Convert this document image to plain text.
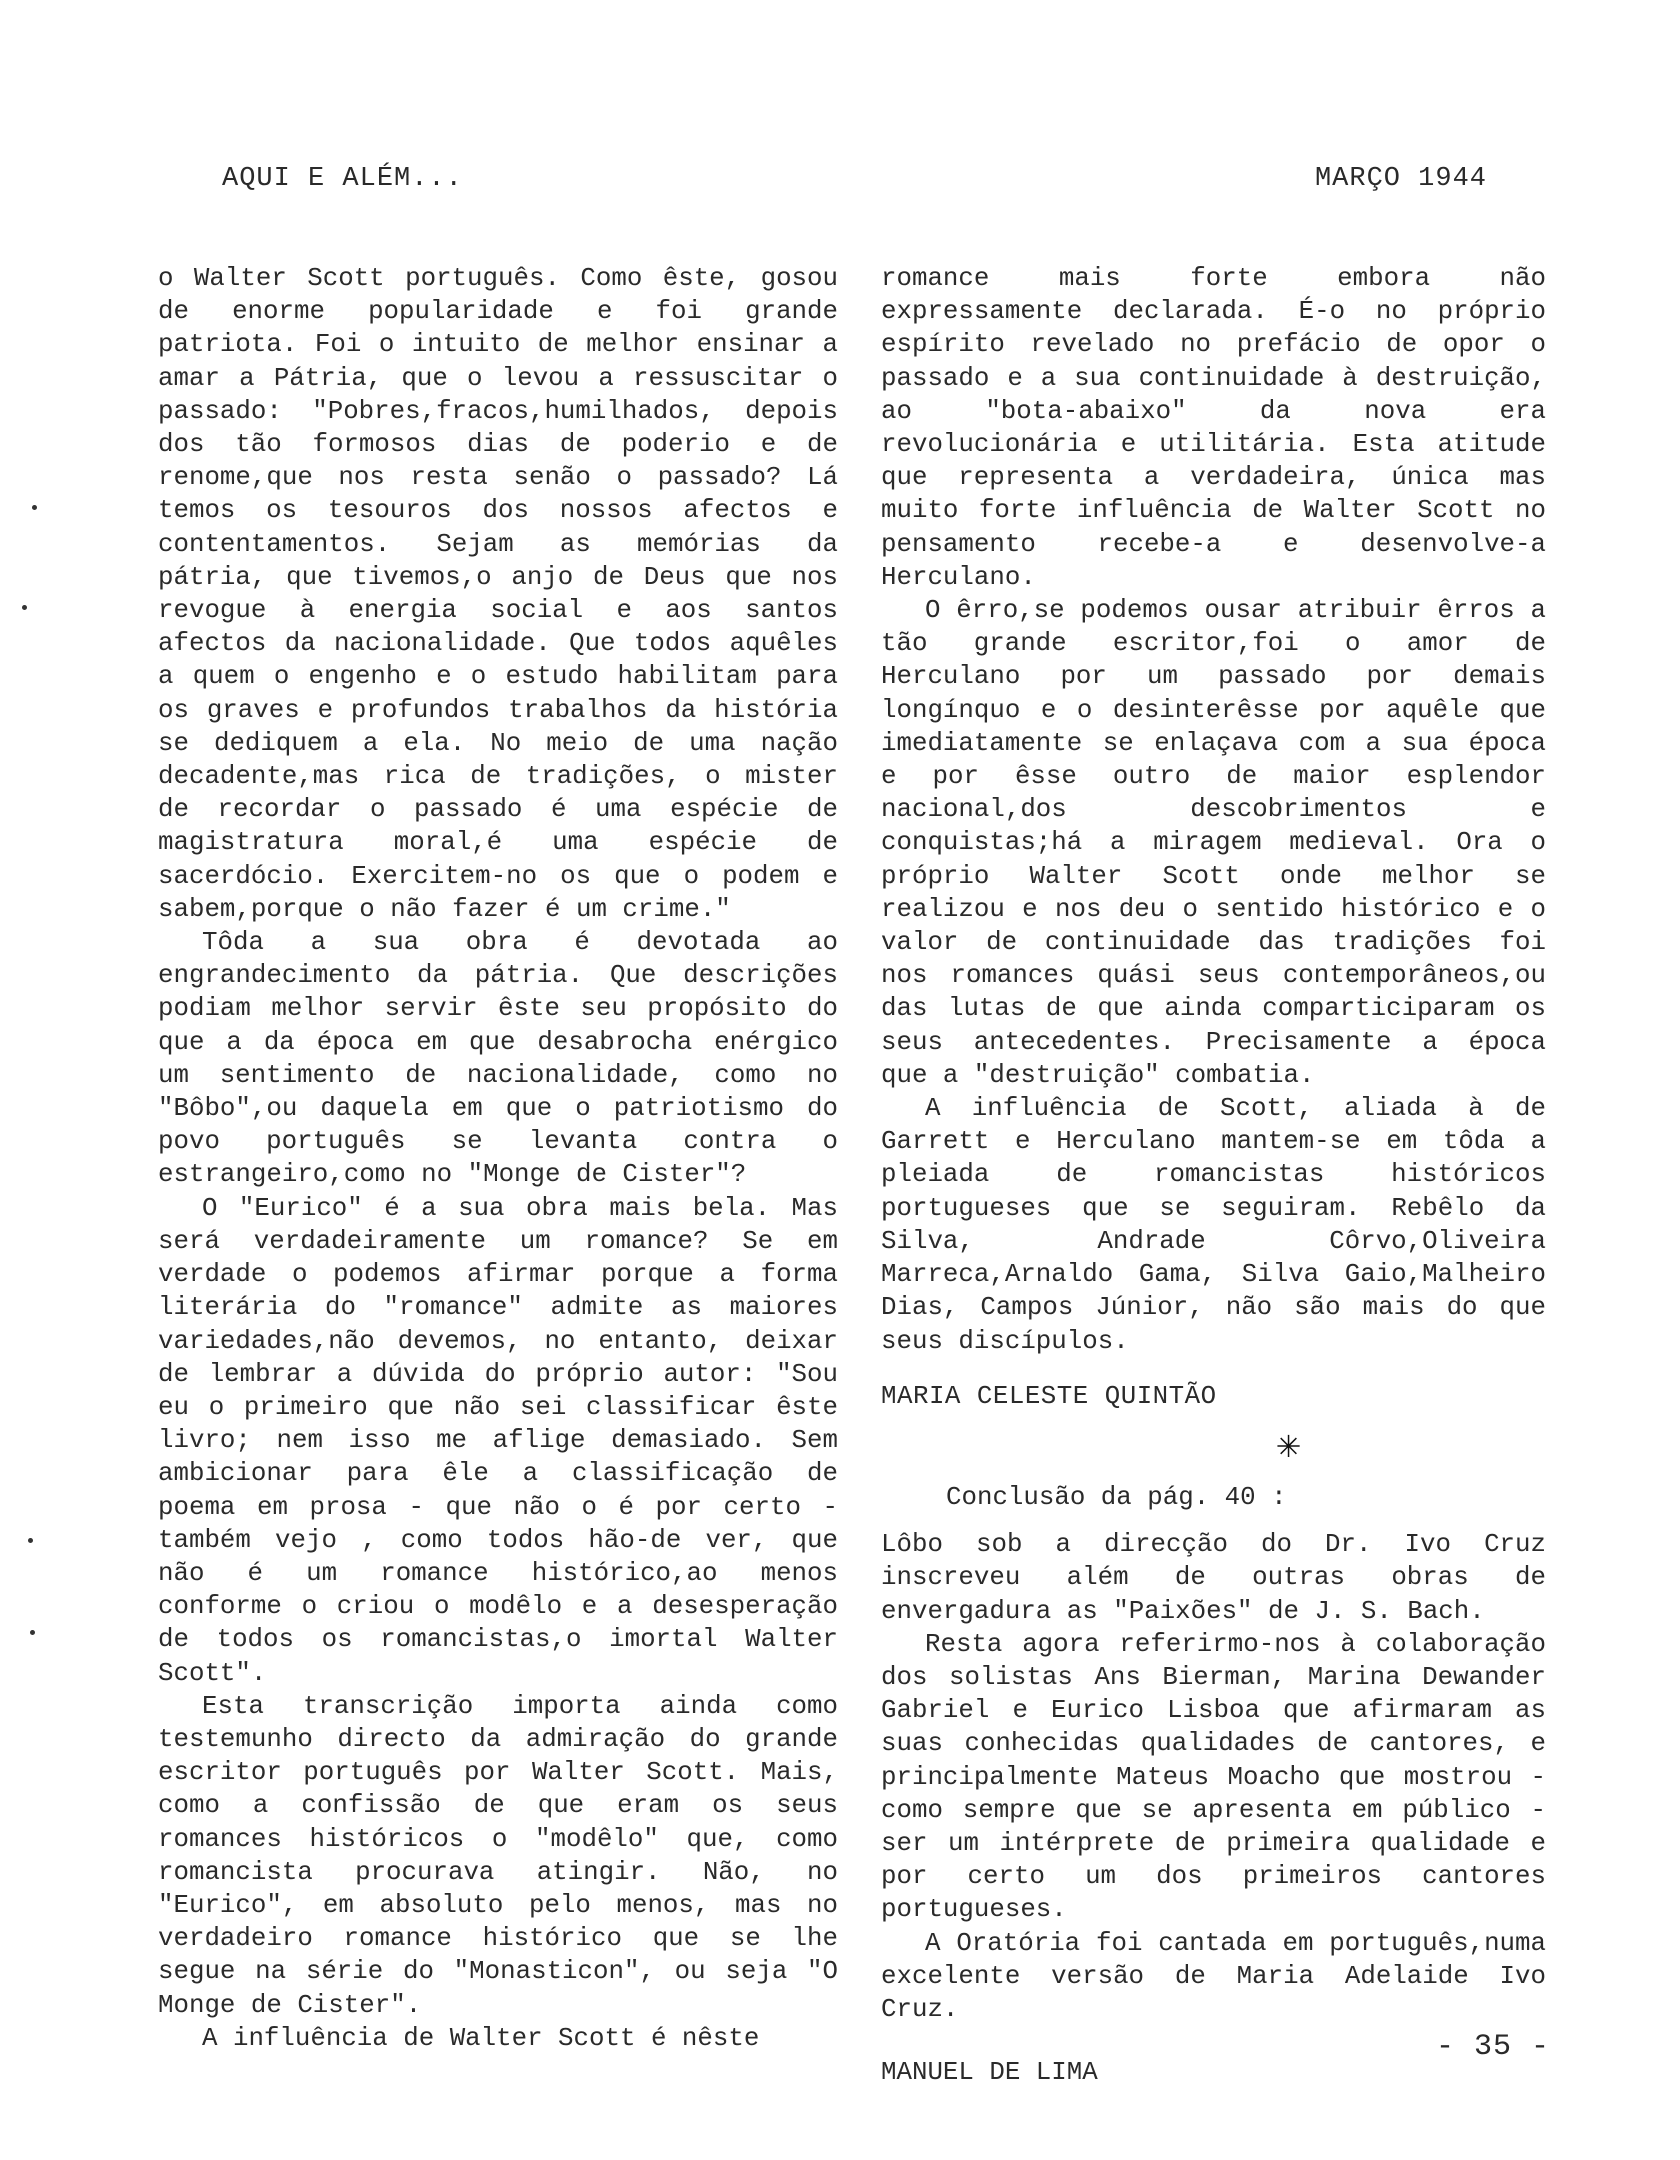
AQUI E ALÉM...	MARÇO 1944

o Walter Scott português. Como êste, gosou de enorme popularidade e foi grande patriota. Foi o intuito de melhor ensinar a amar a Pátria, que o levou a ressuscitar o passado: "Pobres,fracos,humilhados, depois dos tão formosos dias de poderio e de renome,que nos resta senão o passado? Lá temos os tesouros dos nossos afectos e contentamentos. Sejam as memórias da pátria, que tivemos,o anjo de Deus que nos revogue à energia social e aos santos afectos da nacionalidade. Que todos aquêles a quem o engenho e o estudo habilitam para os graves e profundos trabalhos da história se dediquem a ela. No meio de uma nação decadente,mas rica de tradições, o mister de recordar o passado é uma espécie de magistratura moral,é uma espécie de sacerdócio. Exercitem-no os que o podem e sabem,porque o não fazer é um crime."

Tôda a sua obra é devotada ao engrandecimento da pátria. Que descrições podiam melhor servir êste seu propósito do que a da época em que desabrocha enérgico um sentimento de nacionalidade, como no "Bôbo",ou daquela em que o patriotismo do povo português se levanta contra o estrangeiro,como no "Monge de Cister"?

O "Eurico" é a sua obra mais bela. Mas será verdadeiramente um romance? Se em verdade o podemos afirmar porque a forma literária do "romance" admite as maiores variedades,não devemos, no entanto, deixar de lembrar a dúvida do próprio autor: "Sou eu o primeiro que não sei classificar êste livro; nem isso me aflige demasiado. Sem ambicionar para êle a classificação de poema em prosa - que não o é por certo - também vejo , como todos hão-de ver, que não é um romance histórico,ao menos conforme o criou o modêlo e a desesperação de todos os romancistas,o imortal Walter Scott".

Esta transcrição importa ainda como testemunho directo da admiração do grande escritor português por Walter Scott. Mais, como a confissão de que eram os seus romances históricos o "modêlo" que, como romancista procurava atingir. Não, no "Eurico", em absoluto pelo menos, mas no verdadeiro romance histórico que se lhe segue na série do "Monasticon", ou seja "O Monge de Cister".

A influência de Walter Scott é nêste

romance mais forte embora não expressamente declarada. É-o no próprio espírito revelado no prefácio de opor o passado e a sua continuidade à destruição, ao "bota-abaixo" da nova era revolucionária e utilitária. Esta atitude que representa a verdadeira, única mas muito forte influência de Walter Scott no pensamento recebe-a e desenvolve-a Herculano.

O êrro,se podemos ousar atribuir êrros a tão grande escritor,foi o amor de Herculano por um passado por demais longínquo e o desinterêsse por aquêle que imediatamente se enlaçava com a sua época e por êsse outro de maior esplendor nacional,dos descobrimentos e conquistas;há a miragem medieval. Ora o próprio Walter Scott onde melhor se realizou e nos deu o sentido histórico e o valor de continuidade das tradições foi nos romances quási seus contemporâneos,ou das lutas de que ainda comparticiparam os seus antecedentes. Precisamente a época que a "destruição" combatia.

A influência de Scott, aliada à de Garrett e Herculano mantem-se em tôda a pleiada de romancistas históricos portugueses que se seguiram. Rebêlo da Silva, Andrade Côrvo,Oliveira Marreca,Arnaldo Gama, Silva Gaio,Malheiro Dias, Campos Júnior, não são mais do que seus discípulos.

MARIA CELESTE QUINTÃO

✳

Conclusão da pág. 40 :

Lôbo sob a direcção do Dr. Ivo Cruz inscreveu além de outras obras de envergadura as "Paixões" de J. S. Bach.

Resta agora referirmo-nos à colaboração dos solistas Ans Bierman, Marina Dewander Gabriel e Eurico Lisboa que afirmaram as suas conhecidas qualidades de cantores, e principalmente Mateus Moacho que mostrou - como sempre que se apresenta em público - ser um intérprete de primeira qualidade e por certo um dos primeiros cantores portugueses.

A Oratória foi cantada em português,numa excelente versão de Maria Adelaide Ivo Cruz.

MANUEL DE LIMA

- 35 -
